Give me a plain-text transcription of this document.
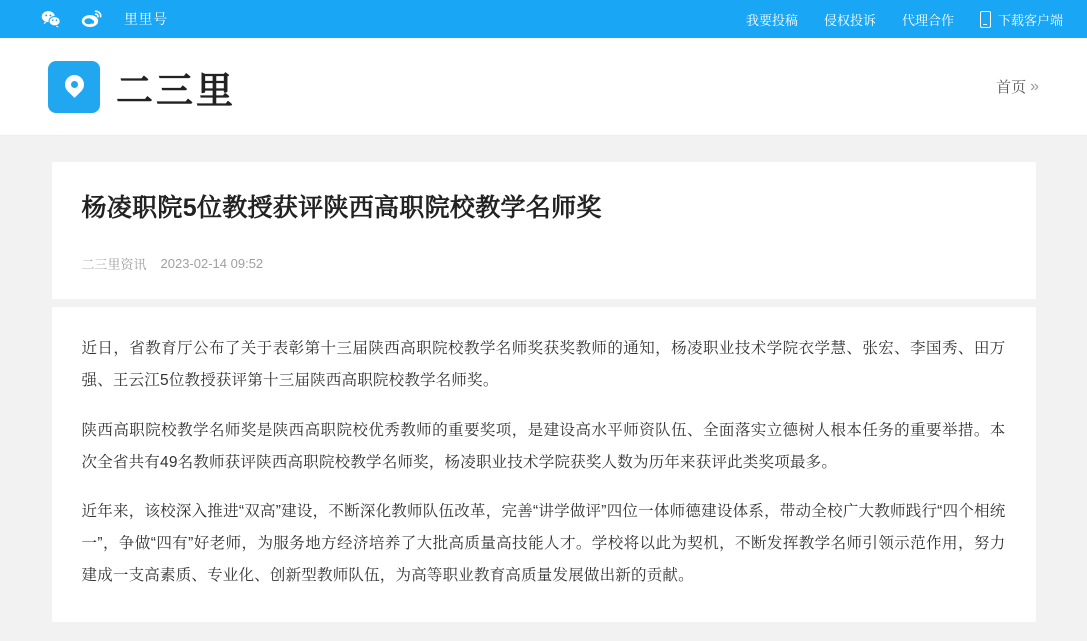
里里号	我要投稿 侵权投诉 代理合作	下载客户端
二三里	首页 »
杨凌职院5位教授获评陕西高职院校教学名师奖
二三里资讯 2023-02-14 09:52

近日，省教育厅公布了关于表彰第十三届陕西高职院校教学名师奖获奖教师的通知，杨凌职业技术学院衣学慧、张宏、李国秀、田万强、王云江5位教授获评第十三届陕西高职院校教学名师奖。

陕西高职院校教学名师奖是陕西高职院校优秀教师的重要奖项，是建设高水平师资队伍、全面落实立德树人根本任务的重要举措。本次全省共有49名教师获评陕西高职院校教学名师奖，杨凌职业技术学院获奖人数为历年来获评此类奖项最多。

近年来，该校深入推进“双高”建设，不断深化教师队伍改革，完善“讲学做评”四位一体师德建设体系，带动全校广大教师践行“四个相统一”，争做“四有”好老师，为服务地方经济培养了大批高质量高技能人才。学校将以此为契机，不断发挥教学名师引领示范作用，努力建成一支高素质、专业化、创新型教师队伍，为高等职业教育高质量发展做出新的贡献。
